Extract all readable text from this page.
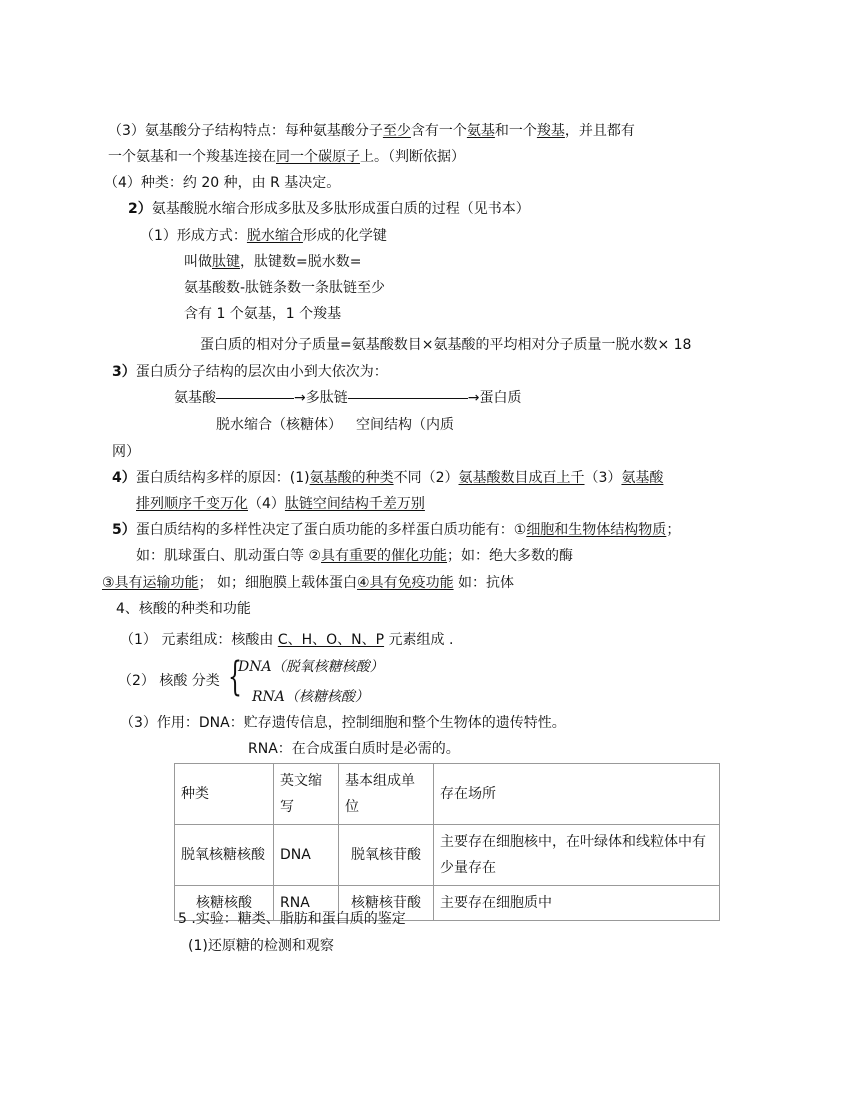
（3）氨基酸分子结构特点：每种氨基酸分子至少含有一个氨基和一个羧基，并且都有
一个氨基和一个羧基连接在同一个碳原子上。（判断依据）
（4）种类：约 20 种，由 R 基决定。
2）氨基酸脱水缩合形成多肽及多肽形成蛋白质的过程（见书本）
（1）形成方式：脱水缩合形成的化学键
叫做肽键，肽键数=脱水数=
氨基酸数-肽链条数一条肽链至少
含有 1 个氨基，1 个羧基
蛋白质的相对分子质量=氨基酸数目×氨基酸的平均相对分子质量一脱水数× 18
3）蛋白质分子结构的层次由小到大依次为：
氨基酸	→多肽链	→蛋白质
脱水缩合（核糖体） 空间结构（内质
网）
4）蛋白质结构多样的原因：(1)氨基酸的种类不同（2）氨基酸数目成百上千（3）氨基酸
排列顺序千变万化（4）肽链空间结构千差万别
5）蛋白质结构的多样性决定了蛋白质功能的多样蛋白质功能有：①细胞和生物体结构物质；
如：肌球蛋白、肌动蛋白等 ②具有重要的催化功能；如：绝大多数的酶
③具有运输功能； 如；细胞膜上载体蛋白④具有免疫功能 如：抗体
4、核酸的种类和功能
（1） 元素组成：核酸由 C、H、O、N、P 元素组成 .
（2） 核酸 分类 {
DNA（脱氧核糖核酸）
RNA（核糖核酸）
（3）作用：DNA：贮存遗传信息，控制细胞和整个生物体的遗传特性。
RNA：在合成蛋白质时是必需的。
种类	英文缩写	基本组成单位	存在场所
脱氧核糖核酸	DNA	脱氧核苷酸	主要存在细胞核中，在叶绿体和线粒体中有少量存在
核糖核酸	RNA	核糖核苷酸	主要存在细胞质中
5 .实验：糖类、脂肪和蛋白质的鉴定
(1)还原糖的检测和观察
